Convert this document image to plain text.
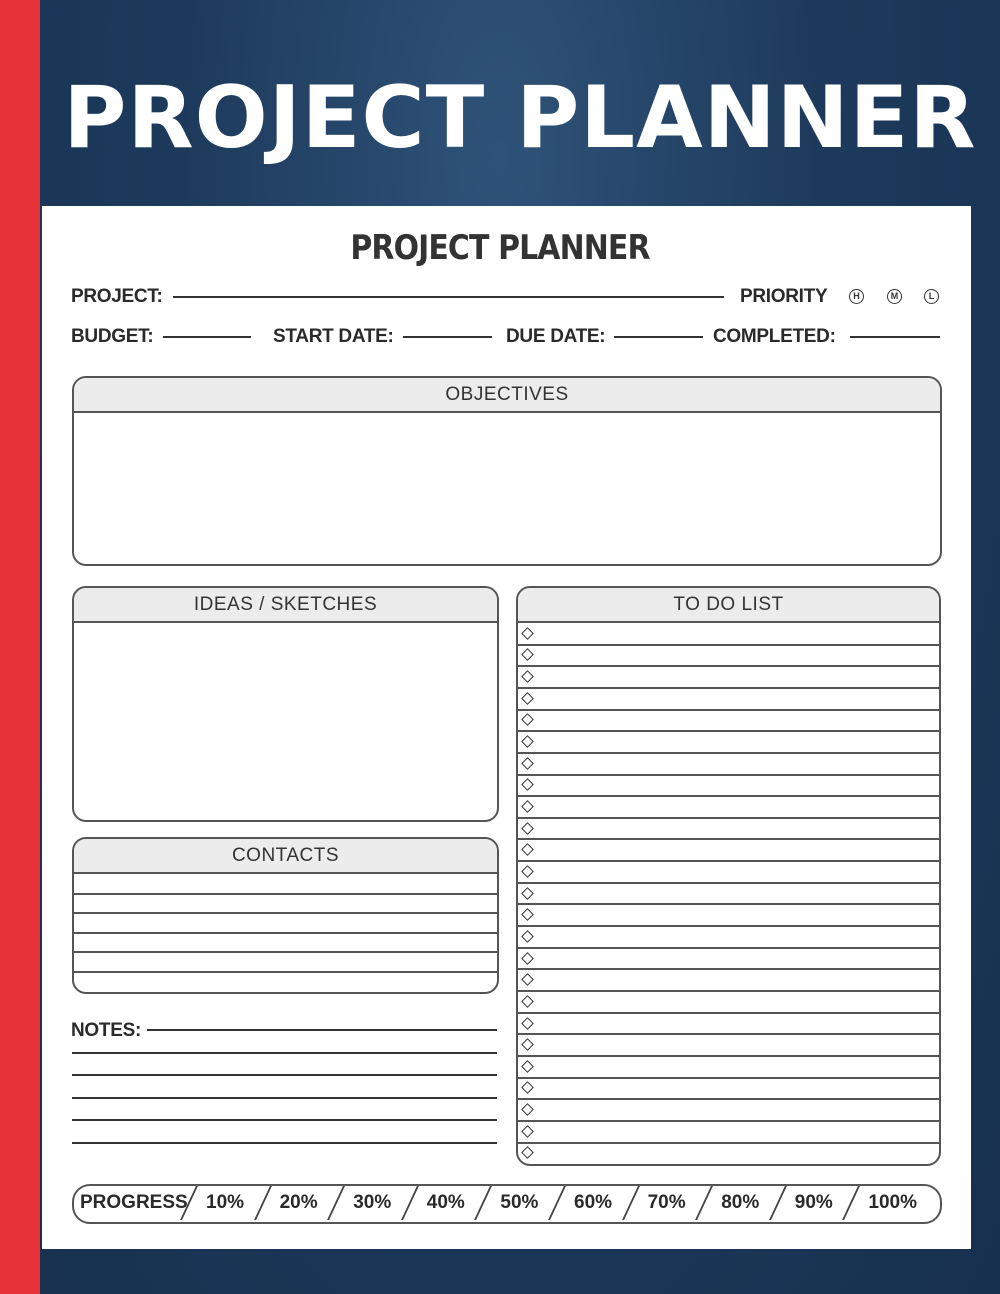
PROJECT PLANNER
PROJECT PLANNER
PROJECT:	PRIORITY	H	M	L
BUDGET:	START DATE:	DUE DATE:	COMPLETED:
OBJECTIVES
IDEAS / SKETCHES
CONTACTS
TO DO LIST
NOTES:
PROGRESS 10% 20% 30% 40% 50% 60% 70% 80% 90% 100%
